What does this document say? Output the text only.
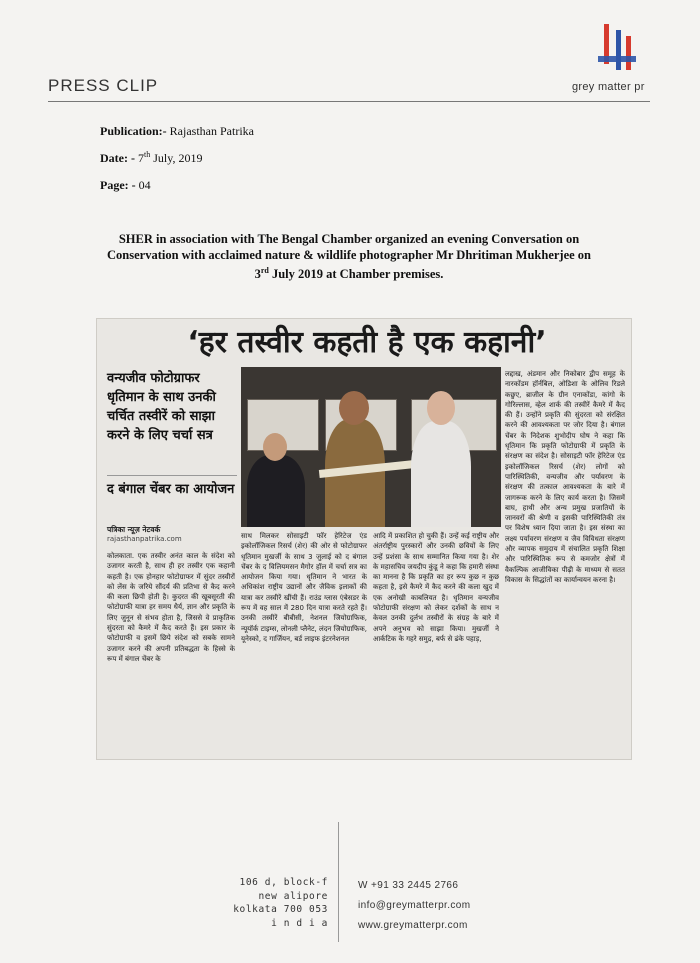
PRESS CLIP	grey matter pr
Publication:- Rajasthan Patrika
Date: - 7th July, 2019
Page: - 04
SHER in association with The Bengal Chamber organized an evening Conversation on Conservation with acclaimed nature & wildlife photographer Mr Dhritiman Mukherjee on 3rd July 2019 at Chamber premises.
‘हर तस्वीर कहती है एक कहानी’
वन्यजीव फोटोग्राफर धृतिमान के साथ उनकी चर्चित तस्वीरें को साझा करने के लिए चर्चा सत्र
द बंगाल चेंबर का आयोजन
पत्रिका न्यूज़ नेटवर्क
rajasthanpatrika.com
कोलकाता. एक तस्वीर अनंत काल के संदेश को उजागर करती है, साथ ही हर तस्वीर एक कहानी कहती है। एक होनहार फोटोग्राफर में सुंदर तस्वीरों को लेंस के जरिये सौंदर्य की प्रतिभा से कैद करने की कला छिपी होती है। कुदरत की खूबसूरती की फोटोग्राफी यात्रा हर समय धैर्य, ज्ञान और प्रकृति के लिए जुनून से संभव होता है, जिससे वे प्राकृतिक सुंदरता को कैमरे में कैद करते हैं। इस प्रकार के फोटोग्राफी व इसमें छिपे संदेश को सबके सामने उजागर करने की अपनी प्रतिबद्धता के हिस्से के रूप में बंगाल चेंबर के
साथ मिलकर सोसाइटी फॉर हेरिटेज एंड इकोलॉजिकल रिसर्च (शेर) की ओर से फोटोग्राफर धृतिमान मुखर्जी के साथ 3 जुलाई को द बंगाल चेंबर के द विलियमसन मैगोर हॉल में चर्चा सत्र का आयोजन किया गया। धृतिमान ने भारत के अधिकांश राष्ट्रीय उद्यानों और जैविक इलाकों की यात्रा कर तस्वीरें खींची हैं। राउंड ग्लास एंबेसडर के रूप में वह साल में 280 दिन यात्रा करते रहते हैं। उनकी तस्वीरें बीबीसी, नेशनल जियोग्राफिक, न्यूयॉर्क टाइम्स, लोनली प्लैनेट, लंदन जियोग्राफिक, यूनेस्को, द गार्जियन, बर्ड लाइफ इंटरनेशनल
आदि में प्रकाशित हो चुकी हैं। उन्हें कई राष्ट्रीय और अंतर्राष्ट्रीय पुरस्कारों और उनकी छवियों के लिए उन्हें प्रशंसा के साथ सम्मानित किया गया है। शेर के महासचिव जयदीप कुंडू ने कहा कि हमारी संस्था का मानना है कि प्रकृति का हर रूप कुछ न कुछ कहता है, इसे कैमरे में कैद करने की कला खुद में एक अनोखी काबलियत है। धृतिमान वन्यजीव फोटोग्राफी संरक्षण को लेकर दर्शकों के साथ न केवल उनकी दुर्लभ तस्वीरों के संग्रह के बारे में अपने अनुभव को साझा किया। मुखर्जी ने आर्कटिक के गहरे समुद्र, बर्फ से ढंके पहाड़,
लद्दाख, अंडमान और निकोबार द्वीप समूह के नारकोंडम हॉर्नबिल, ओडिशा के ओलिव रिडले कछुए, ब्राजील के ग्रीन एनाकोंडा, कांगो के गोरिल्लास, व्हेल शार्क की तस्वीरें कैमरे में कैद की हैं। उन्होंने प्रकृति की सुंदरता को संरक्षित करने की आवश्यकता पर जोर दिया है। बंगाल चेंबर के निदेशक शुभोदीप घोष ने कहा कि धृतिमान कि प्रकृति फोटोग्राफी में प्रकृति के संरक्षण का संदेश है। सोसाइटी फॉर हेरिटेज एंड इकोलॉजिकल रिसर्च (शेर) लोगों को पारिस्थितिकी, वन्यजीव और पर्यावरण के संरक्षण की तत्काल आवश्यकता के बारे में जागरूक करने के लिए कार्य करता है। जिसमें बाघ, हाथी और अन्य प्रमुख प्रजातियों के जानवरों की श्रेणी व इसकी पारिस्थितिकी तंत्र पर विशेष ध्यान दिया जाता है। इस संस्था का लक्ष्य पर्यावरण संरक्षण व जैव विविधता संरक्षण और व्यापक समुदाय में संचालित प्रकृति शिक्षा और पारिस्थितिक रूप से कमजोर क्षेत्रों में वैकल्पिक आजीविका पीढ़ी के माध्यम से सतत विकास के सिद्धांतों का कार्यान्वयन करना है।
106 d, block-f
new alipore
kolkata 700 053
i n d i a
W +91 33 2445 2766
info@greymatterpr.com
www.greymatterpr.com
